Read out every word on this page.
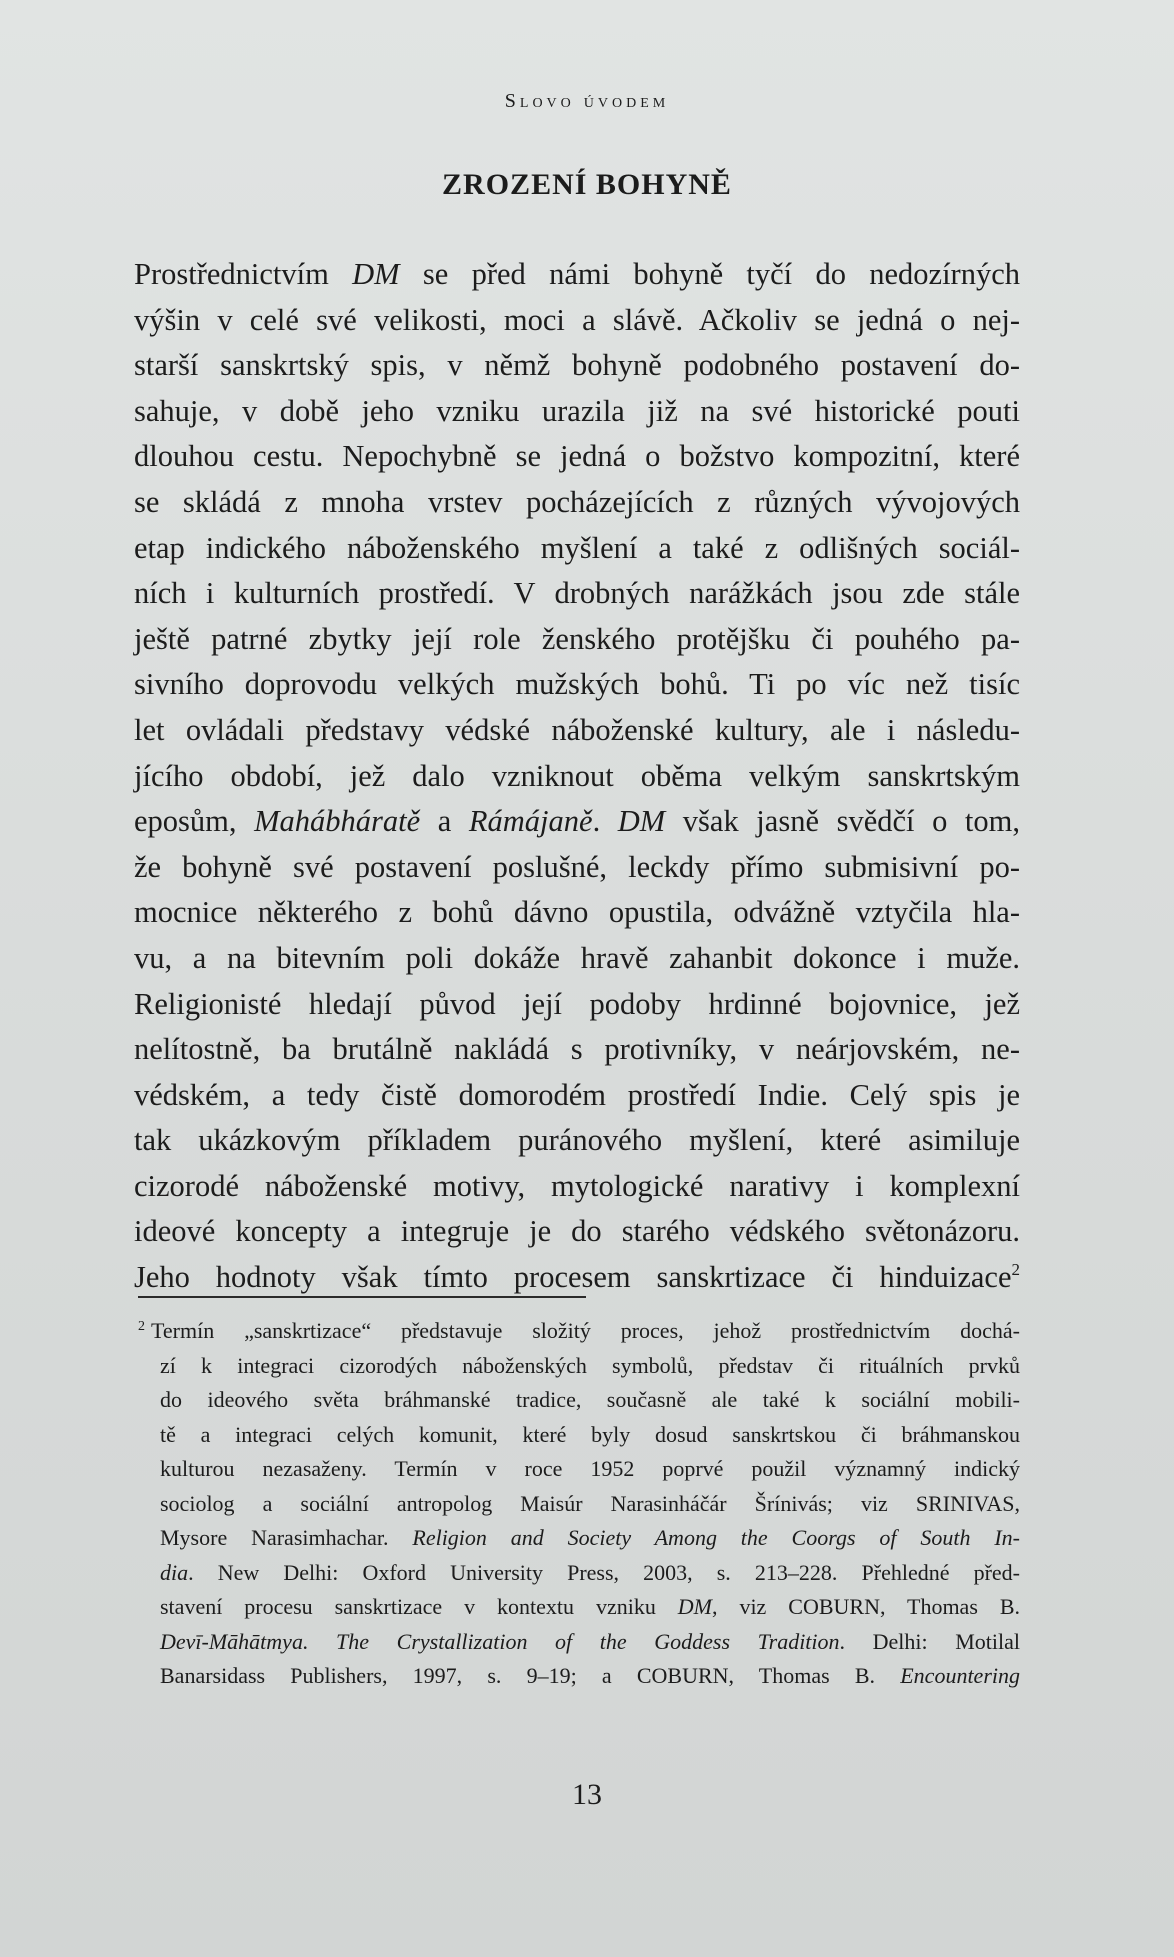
Slovo úvodem
ZROZENÍ BOHYNĚ
Prostřednictvím DM se před námi bohyně tyčí do nedozírných
výšin v celé své velikosti, moci a slávě. Ačkoliv se jedná o nej-
starší sanskrtský spis, v němž bohyně podobného postavení do-
sahuje, v době jeho vzniku urazila již na své historické pouti
dlouhou cestu. Nepochybně se jedná o božstvo kompozitní, které
se skládá z mnoha vrstev pocházejících z různých vývojových
etap indického náboženského myšlení a také z odlišných sociál-
ních i kulturních prostředí. V drobných narážkách jsou zde stále
ještě patrné zbytky její role ženského protějšku či pouhého pa-
sivního doprovodu velkých mužských bohů. Ti po víc než tisíc
let ovládali představy védské náboženské kultury, ale i následu-
jícího období, jež dalo vzniknout oběma velkým sanskrtským
eposům, Mahábháratě a Rámájaně. DM však jasně svědčí o tom,
že bohyně své postavení poslušné, leckdy přímo submisivní po-
mocnice některého z bohů dávno opustila, odvážně vztyčila hla-
vu, a na bitevním poli dokáže hravě zahanbit dokonce i muže.
Religionisté hledají původ její podoby hrdinné bojovnice, jež
nelítostně, ba brutálně nakládá s protivníky, v neárjovském, ne-
védském, a tedy čistě domorodém prostředí Indie. Celý spis je
tak ukázkovým příkladem puránového myšlení, které asimiluje
cizorodé náboženské motivy, mytologické narativy i komplexní
ideové koncepty a integruje je do starého védského světonázoru.
Jeho hodnoty však tímto procesem sanskrtizace či hinduizace$^2$
$^2$ Termín „sanskrtizace“ představuje složitý proces, jehož prostřednictvím dochá-
zí k integraci cizorodých náboženských symbolů, představ či rituálních prvků
do ideového světa bráhmanské tradice, současně ale také k sociální mobili-
tě a integraci celých komunit, které byly dosud sanskrtskou či bráhmanskou
kulturou nezasaženy. Termín v roce 1952 poprvé použil významný indický
sociolog a sociální antropolog Maisúr Narasinháčár Šrínivás; viz SRINIVAS,
Mysore Narasimhachar. Religion and Society Among the Coorgs of South In-
dia. New Delhi: Oxford University Press, 2003, s. 213–228. Přehledné před-
stavení procesu sanskrtizace v kontextu vzniku DM, viz COBURN, Thomas B.
Devī-Māhātmya. The Crystallization of the Goddess Tradition. Delhi: Motilal
Banarsidass Publishers, 1997, s. 9–19; a COBURN, Thomas B. Encountering
13
